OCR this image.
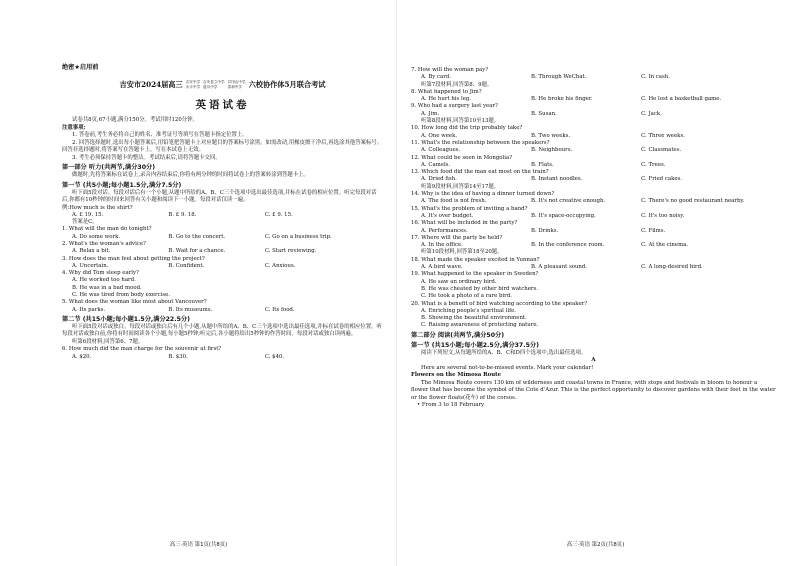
绝密★启用前
吉安市2024届高三 吉安中学 吉安县立中学 井冈山中学
永丰中学 遂川中学	泰和中学 六校协作体5月联合考试
英语试卷
试卷共8页,67小题,满分150分。考试用时120分钟。
注意事项:
1. 答卷前,考生务必将自己的姓名、准考证号等填写在答题卡指定位置上。
2. 回答选择题时,选出每小题答案后,用铅笔把答题卡上对应题目的答案标号涂黑。如需改动,用橡皮擦干净后,再选涂其他答案标号。回答非选择题时,将答案写在答题卡上。写在本试卷上无效。
3. 考生必须保持答题卡的整洁。考试结束后,请将答题卡交回。
第一部分 听力(共两节,满分30分)
做题时,先将答案标在试卷上,录音内容结束后,你将有两分钟的时间将试卷上的答案转涂到答题卡上。
第一节 (共5小题;每小题1.5分,满分7.5分)
听下面5段对话。每段对话后有一个小题,从题中所给的A、B、C三个选项中选出最佳选项,并标在试卷的相应位置。听完每段对话后,你都有10秒钟的时间来回答有关小题和阅读下一小题。每段对话仅读一遍。
例:How much is the shirt?
A. £ 19. 15.	B. £ 9. 18.	C. £ 9. 15.
答案是C。
1. What will the man do tonight?
A. Do some work.	B. Go to the concert.	C. Go on a business trip.
2. What's the woman's advice?
A. Relax a bit.	B. Wait for a chance.	C. Start reviewing.
3. How does the man feel about getting the project?
A. Uncertain.	B. Confident.	C. Anxious.
4. Why did Tom sleep early?
A. He worked too hard.
B. He was in a bad mood.
C. He was tired from body exercise.
5. What does the woman like most about Vancouver?
A. Its parks.	B. Its museums.	C. Its food.
第二节 (共15小题;每小题1.5分,满分22.5分)
听下面5段对话或独白。每段对话或独白后有几个小题,从题中所给的A、B、C三个选项中选出最佳选项,并标在试卷的相应位置。听每段对话或独白前,你将有时间阅读各个小题,每小题5秒钟;听完后,各小题将给出5秒钟的作答时间。每段对话或独白读两遍。
听第6段材料,回答第6、7题。
6. How much did the man charge for the souvenir at first?
A. $20.	B. $30.	C. $40.
高三·英语 第1页(共8页)
7. How will the woman pay?
A. By card.	B. Through WeChat.	C. In cash.
听第7段材料,回答第8、9题。
8. What happened to Jim?
A. He hurt his leg.	B. He broke his finger.	C. He lost a basketball game.
9. Who had a surgery last year?
A. Jim.	B. Susan.	C. Jack.
听第8段材料,回答第10至13题。
10. How long did the trip probably take?
A. One week.	B. Two weeks.	C. Three weeks.
11. What's the relationship between the speakers?
A. Colleagues.	B. Neighbours.	C. Classmates.
12. What could be seen in Mongolia?
A. Camels.	B. Flats.	C. Trees.
13. Which food did the man eat most on the train?
A. Dried fish.	B. Instant noodles.	C. Fried cakes.
听第9段材料,回答第14至17题。
14. Why is the idea of having a dinner turned down?
A. The food is not fresh.	B. It's not creative enough.	C. There's no good restaurant nearby.
15. What's the problem of inviting a band?
A. It's over budget.	B. It's space-occupying.	C. It's too noisy.
16. What will be included in the party?
A. Performances.	B. Drinks.	C. Films.
17. Where will the party be held?
A. In the office.	B. In the conference room.	C. At the cinema.
听第10段材料,回答第18至20题。
18. What made the speaker excited in Yunnan?
A. A bird wave.	B. A pleasant sound.	C. A long-desired bird.
19. What happened to the speaker in Sweden?
A. He saw an ordinary bird.
B. He was cheated by other bird watchers.
C. He took a photo of a rare bird.
20. What is a benefit of bird watching according to the speaker?
A. Enriching people's spiritual life.
B. Showing the beautiful environment.
C. Raising awareness of protecting nature.
第二部分 阅读(共两节,满分50分)
第一节 (共15小题;每小题2.5分,满分37.5分)
阅读下列短文,从每题所给的A、B、C和D四个选项中,选出最佳选项。
A
Here are several not-to-be-missed events. Mark your calendar!
Flowers on the Mimosa Route
The Mimosa Route covers 130 km of wilderness and coastal towns in France, with stops and festivals in bloom to honour a flower that has become the symbol of the Cote d'Azur. This is the perfect opportunity to discover gardens with their feet in the water or the flower floats(花车) of the corsos.
• From 3 to 18 February
高三·英语 第2页(共8页)
